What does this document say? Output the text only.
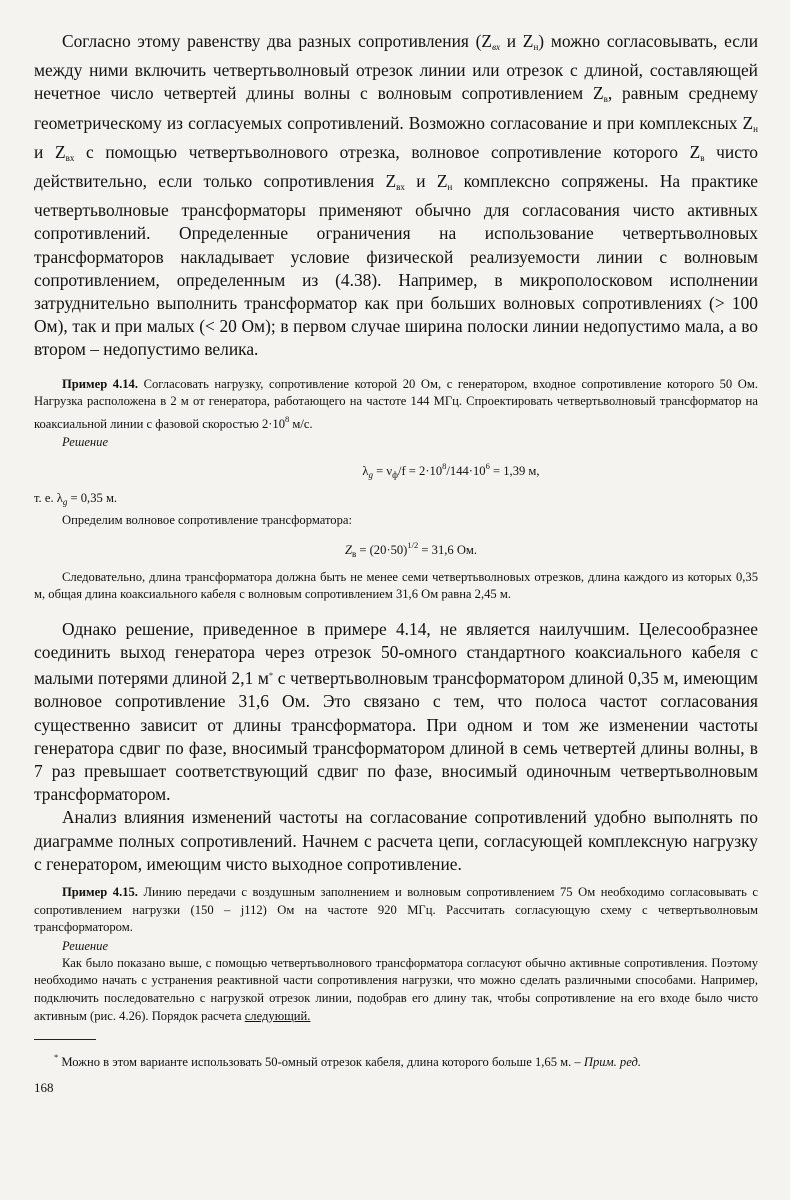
Согласно этому равенству два разных сопротивления ($Z_{вх}$ и $Z_н$) можно согласовывать, если между ними включить четвертьволновый отрезок линии или отрезок с длиной, составляющей нечетное число четвертей длины волны с волновым сопротивлением $Z_в$, равным среднему геометрическому из согласуемых сопротивлений. Возможно согласование и при комплексных $Z_н$ и $Z_{вх}$ с помощью четвертьволнового отрезка, волновое сопротивление которого $Z_в$ чисто действительно, если только сопротивления $Z_{вх}$ и $Z_н$ комплексно сопряжены. На практике четвертьволновые трансформаторы применяют обычно для согласования чисто активных сопротивлений. Определенные ограничения на использование четвертьволновых трансформаторов накладывает условие физической реализуемости линии с волновым сопротивлением, определенным из (4.38). Например, в микрополосковом исполнении затруднительно выполнить трансформатор как при больших волновых сопротивлениях (> 100 Ом), так и при малых (< 20 Ом); в первом случае ширина полоски линии недопустимо мала, а во втором – недопустимо велика.

Пример 4.14. Согласовать нагрузку, сопротивление которой 20 Ом, с генератором, входное сопротивление которого 50 Ом. Нагрузка расположена в 2 м от генератора, работающего на частоте 144 МГц. Спроектировать четвертьволновый трансформатор на коаксиальной линии с фазовой скоростью $2\cdot 10^8$ м/с.

Решение

$\lambda_g = \nu_ф/f = 2\cdot 10^8/144\cdot 10^6 = 1,39$ м,

т. е. $\lambda_g = 0,35$ м.

Определим волновое сопротивление трансформатора:

$Z_в = (20\cdot 50)^{1/2} = 31,6$ Ом.

Следовательно, длина трансформатора должна быть не менее семи четвертьволновых отрезков, длина каждого из которых 0,35 м, общая длина коаксиального кабеля с волновым сопротивлением 31,6 Ом равна 2,45 м.

Однако решение, приведенное в примере 4.14, не является наилучшим. Целесообразнее соединить выход генератора через отрезок 50-омного стандартного коаксиального кабеля с малыми потерями длиной 2,1 м* с четвертьволновым трансформатором длиной 0,35 м, имеющим волновое сопротивление 31,6 Ом. Это связано с тем, что полоса частот согласования существенно зависит от длины трансформатора. При одном и том же изменении частоты генератора сдвиг по фазе, вносимый трансформатором длиной в семь четвертей длины волны, в 7 раз превышает соответствующий сдвиг по фазе, вносимый одиночным четвертьволновым трансформатором.

Анализ влияния изменений частоты на согласование сопротивлений удобно выполнять по диаграмме полных сопротивлений. Начнем с расчета цепи, согласующей комплексную нагрузку с генератором, имеющим чисто выходное сопротивление.

Пример 4.15. Линию передачи с воздушным заполнением и волновым сопротивлением 75 Ом необходимо согласовывать с сопротивлением нагрузки (150 – j112) Ом на частоте 920 МГц. Рассчитать согласующую схему с четвертьволновым трансформатором.

Решение

Как было показано выше, с помощью четвертьволнового трансформатора согласуют обычно активные сопротивления. Поэтому необходимо начать с устранения реактивной части сопротивления нагрузки, что можно сделать различными способами. Например, подключить последовательно с нагрузкой отрезок линии, подобрав его длину так, чтобы сопротивление на его входе было чисто активным (рис. 4.26). Порядок расчета следующий.

* Можно в этом варианте использовать 50-омный отрезок кабеля, длина которого больше 1,65 м. – Прим. ред.

168
